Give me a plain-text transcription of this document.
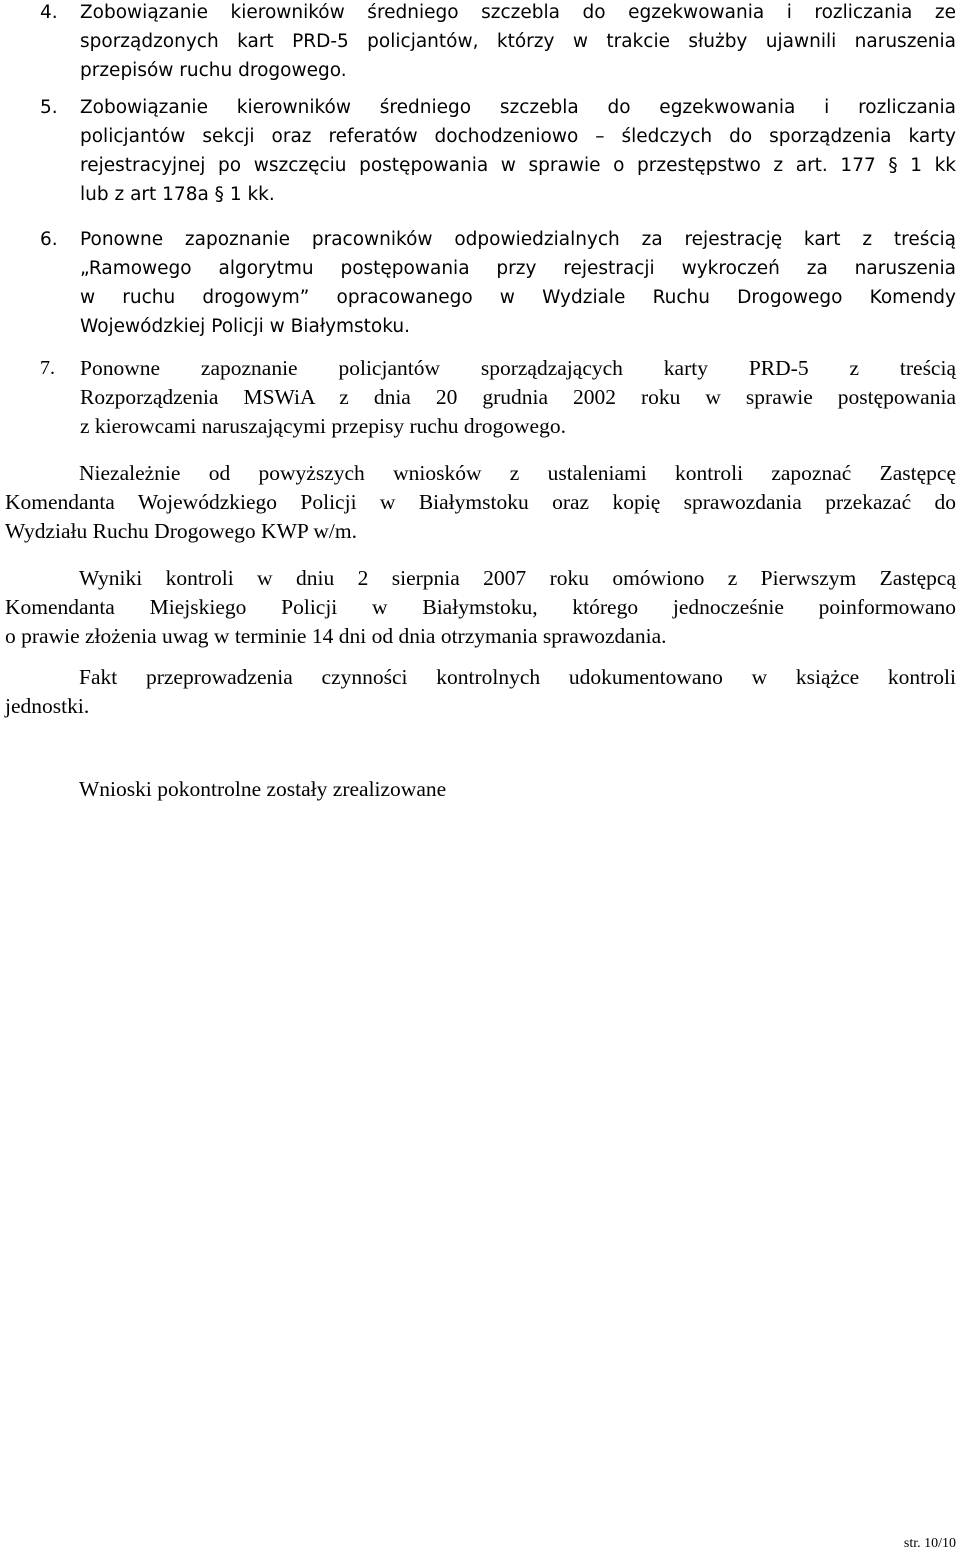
4. Zobowiązanie kierowników średniego szczebla do egzekwowania i rozliczania ze
sporządzonych kart PRD-5 policjantów, którzy w trakcie służby ujawnili naruszenia
przepisów ruchu drogowego.
5. Zobowiązanie kierowników średniego szczebla do egzekwowania i rozliczania
policjantów sekcji oraz referatów dochodzeniowo – śledczych do sporządzenia karty
rejestracyjnej po wszczęciu postępowania w sprawie o przestępstwo z art. 177 § 1 kk
lub z art 178a § 1 kk.
6. Ponowne zapoznanie pracowników odpowiedzialnych za rejestrację kart z treścią
„Ramowego algorytmu postępowania przy rejestracji wykroczeń za naruszenia
w ruchu drogowym” opracowanego w Wydziale Ruchu Drogowego Komendy
Wojewódzkiej Policji w Białymstoku.
7. Ponowne zapoznanie policjantów sporządzających karty PRD-5 z treścią
Rozporządzenia MSWiA z dnia 20 grudnia 2002 roku w sprawie postępowania
z kierowcami naruszającymi przepisy ruchu drogowego.
Niezależnie od powyższych wniosków z ustaleniami kontroli zapoznać Zastępcę
Komendanta Wojewódzkiego Policji w Białymstoku oraz kopię sprawozdania przekazać do
Wydziału Ruchu Drogowego KWP w/m.
Wyniki kontroli w dniu 2 sierpnia 2007 roku omówiono z Pierwszym Zastępcą
Komendanta Miejskiego Policji w Białymstoku, którego jednocześnie poinformowano
o prawie złożenia uwag w terminie 14 dni od dnia otrzymania sprawozdania.
Fakt przeprowadzenia czynności kontrolnych udokumentowano w książce kontroli
jednostki.
Wnioski pokontrolne zostały zrealizowane
str. 10/10
